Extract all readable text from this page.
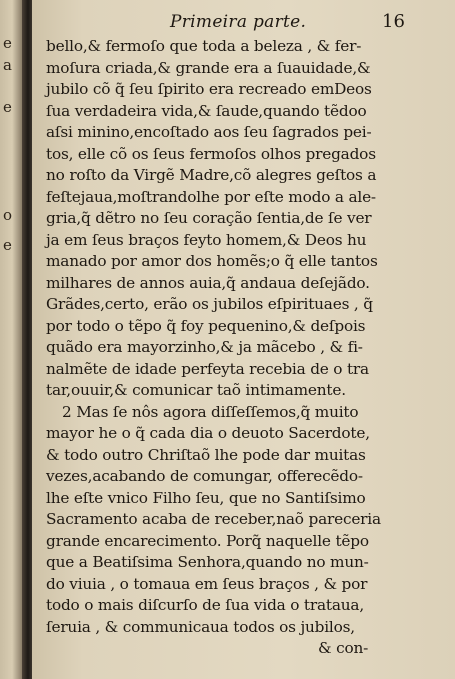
e
a
e
o
e
Primeira parte.	16
bello,& fermoſo que toda a beleza , & fer-
moſura criada,& grande era a ſuauidade,&
jubilo cõ q̃ ſeu ſpirito era recreado emDeos
ſua verdadeira vida,& ſaude,quando tẽdoo
aſsi minino,encoſtado aos ſeu ſagrados pei-
tos, elle cõ os ſeus fermoſos olhos pregados
no roſto da Virgẽ Madre,cõ alegres geſtos a
feſtejaua,moſtrandolhe por eſte modo a ale-
gria,q̃ dẽtro no ſeu coração ſentia,de ſe ver
ja em ſeus braços feyto homem,& Deos hu
manado por amor dos homẽs;o q̃ elle tantos
milhares de annos auia,q̃ andaua deſejãdo.
Grãdes,certo, erão os jubilos eſpirituaes , q̃
por todo o tẽpo q̃ foy pequenino,& deſpois
quãdo era mayorzinho,& ja mãcebo , & fi-
nalmẽte de idade perfeyta recebia de o tra
tar,ouuir,& comunicar taõ intimamente.
2 Mas ſe nôs agora diſſeſſemos,q̃ muito
mayor he o q̃ cada dia o deuoto Sacerdote,
& todo outro Chriſtaõ lhe pode dar muitas
vezes,acabando de comungar, offerecẽdo-
lhe eſte vnico Filho ſeu, que no Santiſsimo
Sacramento acaba de receber,naõ pareceria
grande encarecimento. Porq̃ naquelle tẽpo
que a Beatiſsima Senhora,quando no mun-
do viuia , o tomaua em ſeus braços , & por
todo o mais diſcurſo de ſua vida o trataua,
ſeruia , & communicaua todos os jubilos,
& con-
